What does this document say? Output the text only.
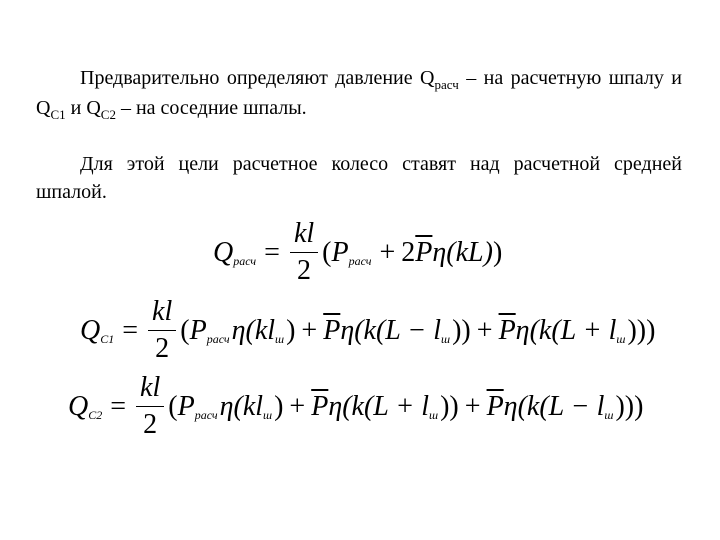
Предварительно определяют давление $Q_{расч}$ – на расчетную шпалу и $Q_{C1}$ и $Q_{C2}$ – на соседние шпалы.

Для этой цели расчетное колесо ставят над расчетной средней шпалой.

Q расч = $\frac{kl}{2}$ ( P расч + 2 $\overline{P}$ η (kL) )
Q $C1 = \frac{kl}{2}$ ( P расч η (kl ш ) + $\overline{P}$ η (k(L − l ш )) + $\overline{P}$ η (k(L + l ш )) )
Q $C2 = \frac{kl}{2}$ ( P расч η (kl ш ) + $\overline{P}$ η (k(L + l ш )) + $\overline{P}$ η (k(L − l ш )))
